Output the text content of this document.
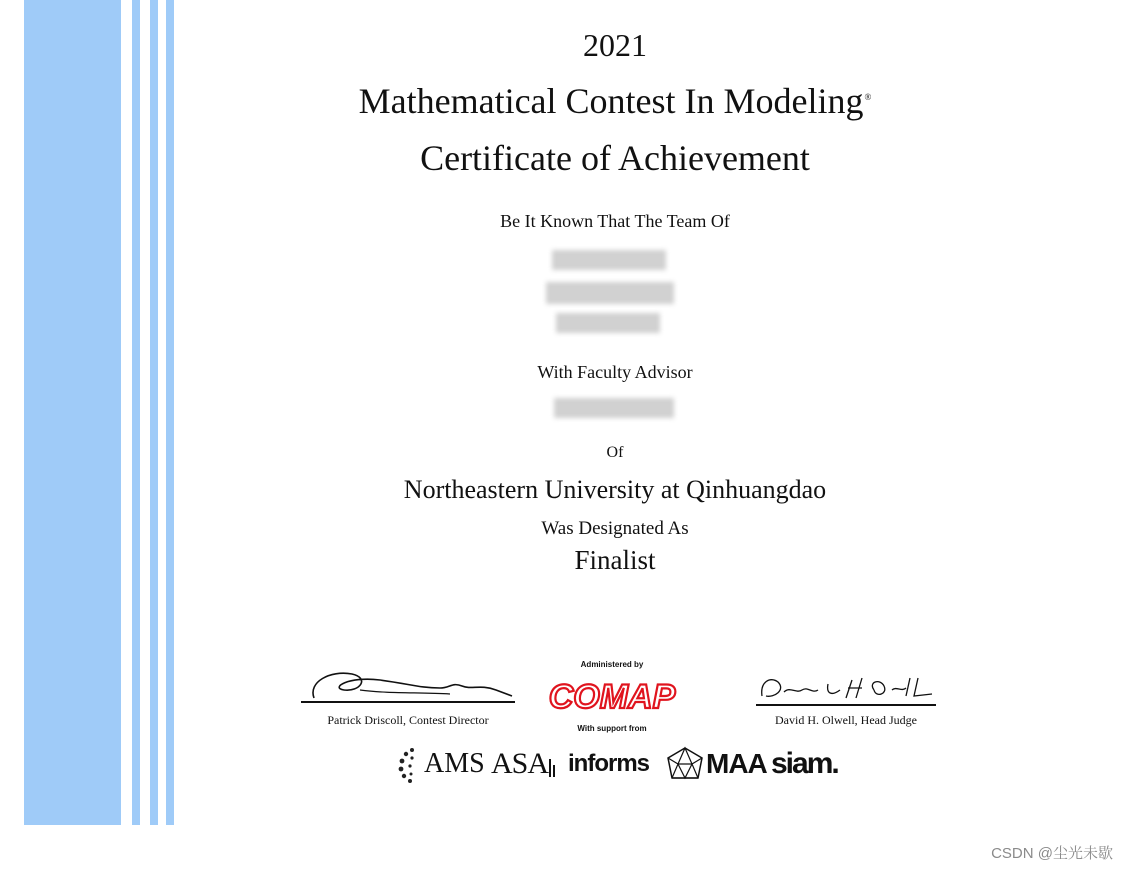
2021
Mathematical Contest In Modeling®
Certificate of Achievement
Be It Known That The Team Of
With Faculty Advisor
Of
Northeastern University at Qinhuangdao
Was Designated As
Finalist
Patrick Driscoll, Contest Director
Administered by
COMAP
With support from
David H. Olwell, Head Judge
AMS ASA informs MAA siam.
CSDN @尘光未歇
